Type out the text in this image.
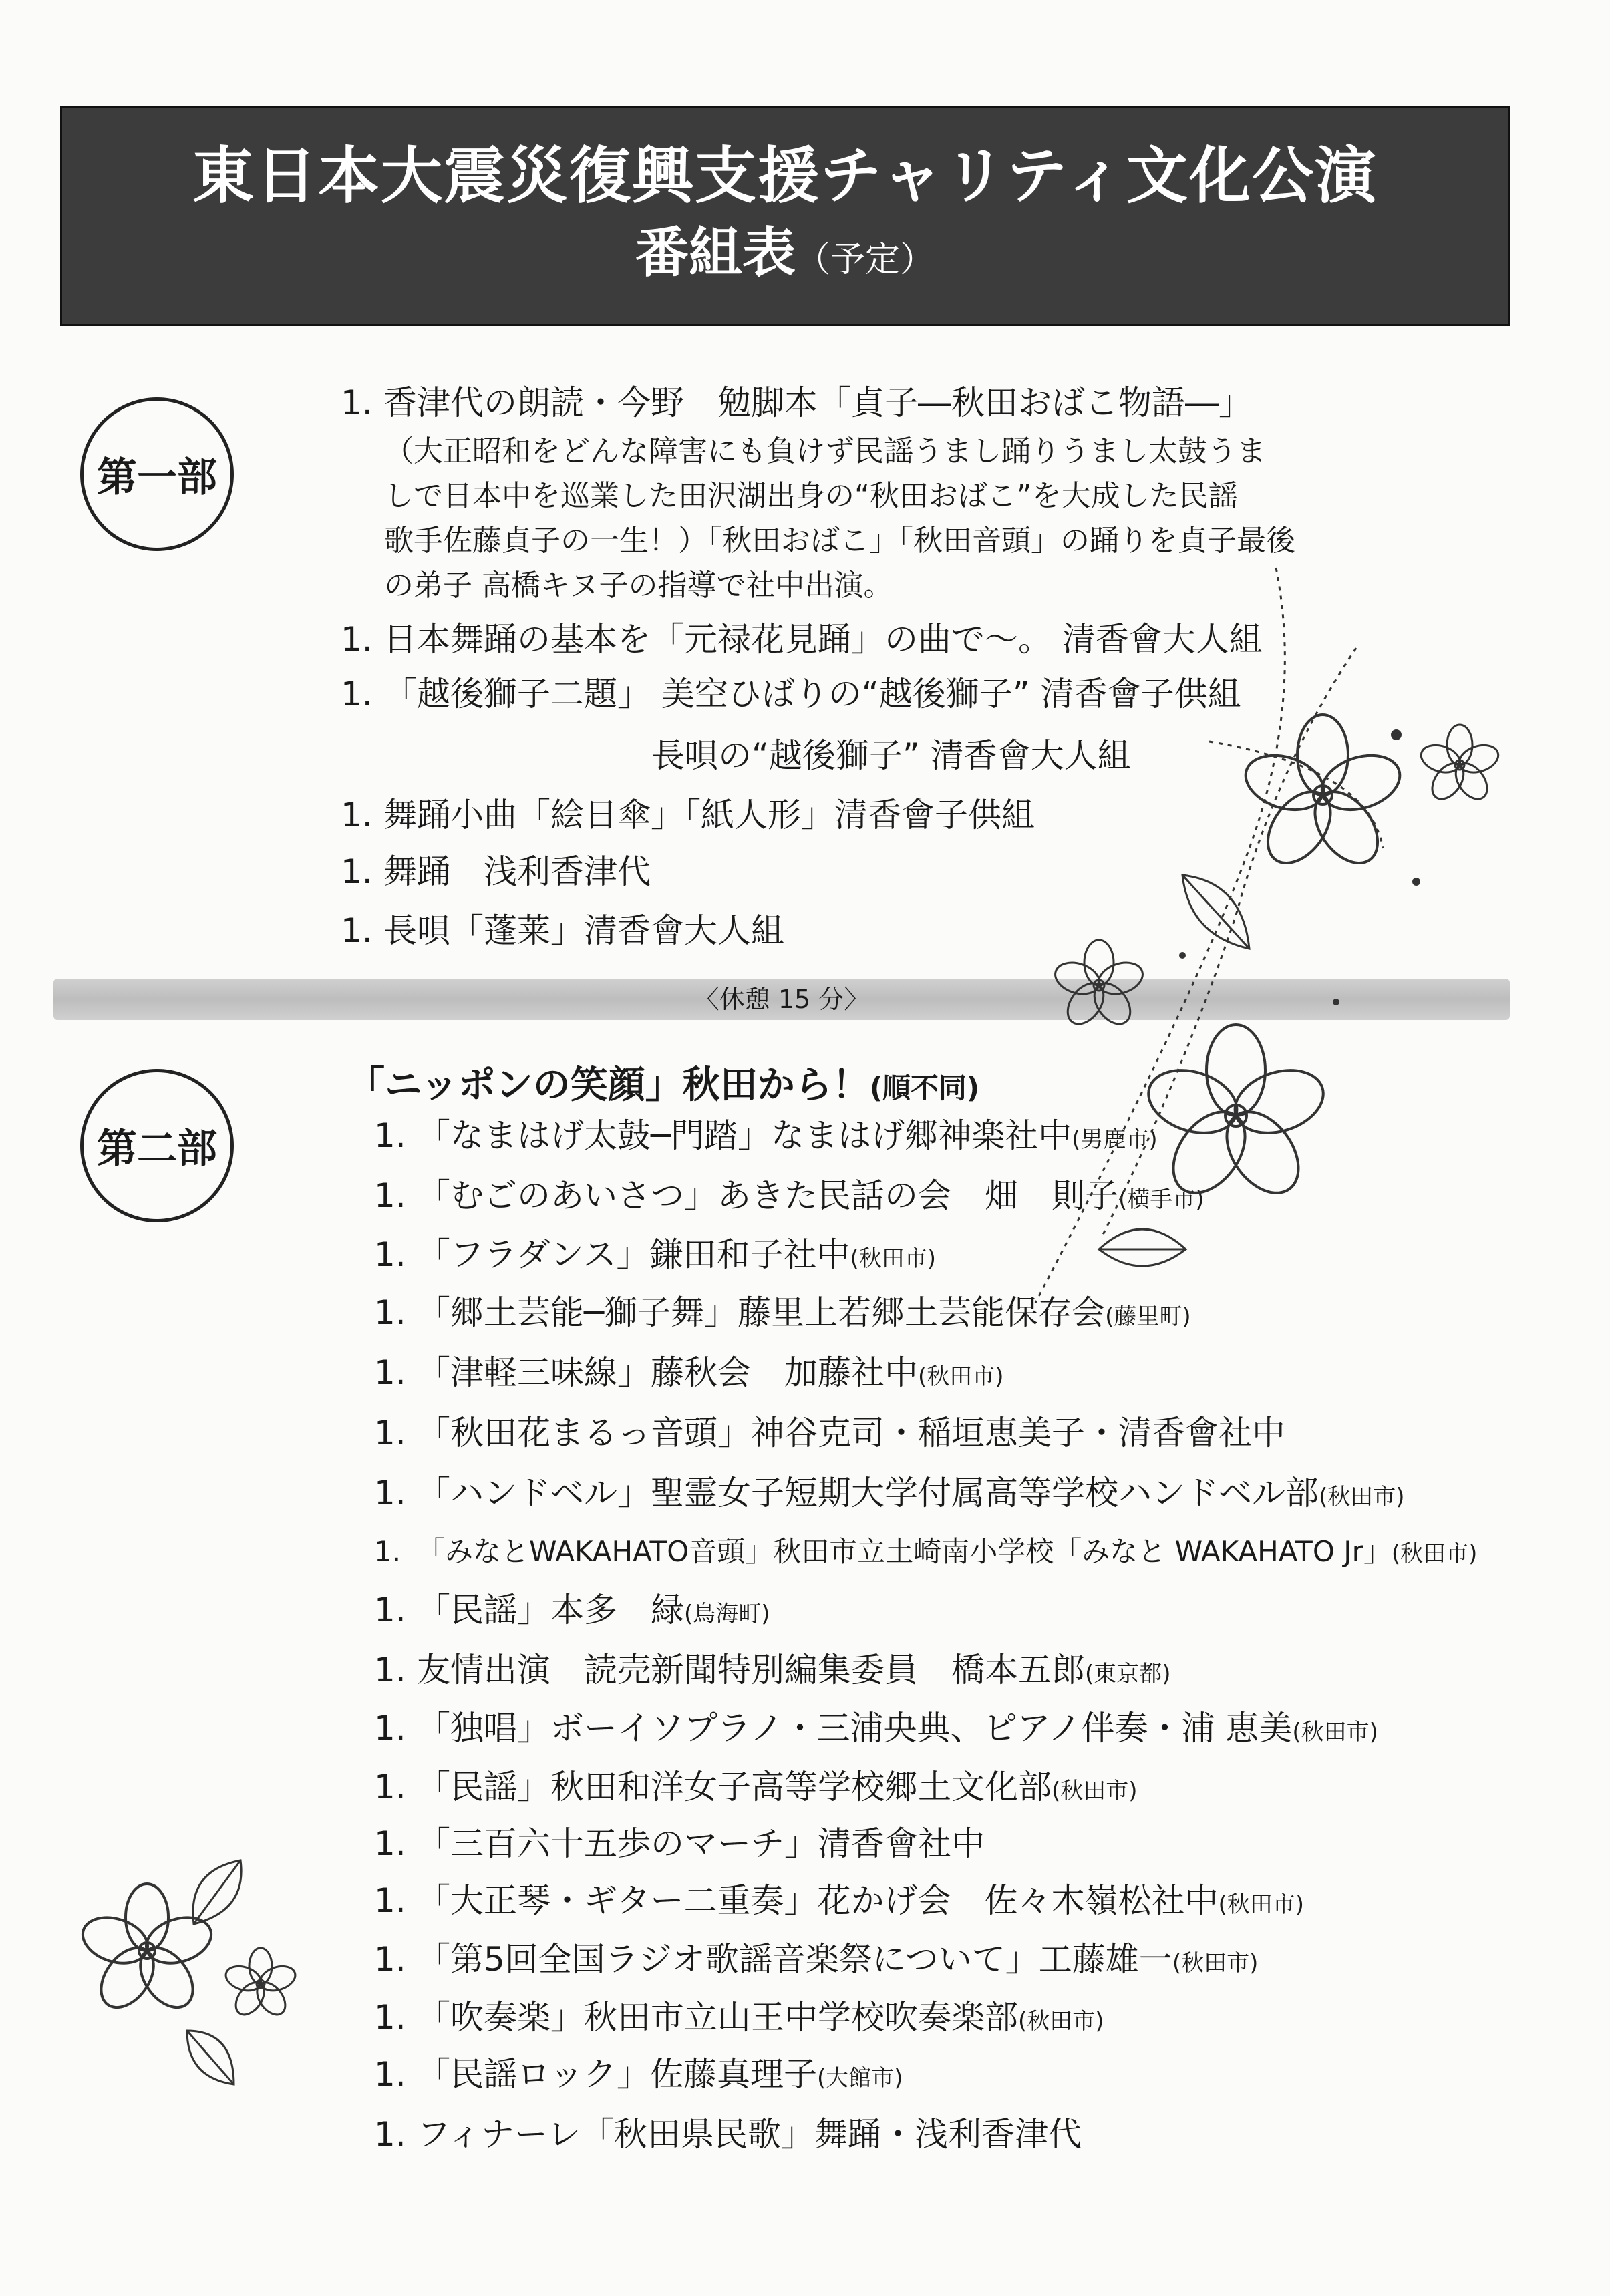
東日本大震災復興支援チャリティ文化公演
番組表（予定）
第一部
1. 香津代の朗読・今野　勉脚本「貞子―秋田おばこ物語―」
（大正昭和をどんな障害にも負けず民謡うまし踊りうまし太鼓うま
しで日本中を巡業した田沢湖出身の“秋田おばこ”を大成した民謡
歌手佐藤貞子の一生！）「秋田おばこ」「秋田音頭」の踊りを貞子最後
の弟子 高橋キヌ子の指導で社中出演。
1. 日本舞踊の基本を「元禄花見踊」の曲で～。 清香會大人組
1. 「越後獅子二題」 美空ひばりの“越後獅子” 清香會子供組
長唄の“越後獅子” 清香會大人組
1. 舞踊小曲「絵日傘」「紙人形」清香會子供組
1. 舞踊　浅利香津代
1. 長唄「蓬莱」清香會大人組
〈休憩 15 分〉
第二部
「ニッポンの笑顔」秋田から！(順不同)
1. 「なまはげ太鼓─門踏」なまはげ郷神楽社中(男鹿市)
1. 「むごのあいさつ」あきた民話の会　畑　則子(横手市)
1. 「フラダンス」鎌田和子社中(秋田市)
1. 「郷土芸能─獅子舞」藤里上若郷土芸能保存会(藤里町)
1. 「津軽三味線」藤秋会　加藤社中(秋田市)
1. 「秋田花まるっ音頭」神谷克司・稲垣恵美子・清香會社中
1. 「ハンドベル」聖霊女子短期大学付属高等学校ハンドベル部(秋田市)
1. 「みなとWAKAHATO音頭」秋田市立土崎南小学校「みなと WAKAHATO Jr」(秋田市)
1. 「民謡」本多　緑(鳥海町)
1. 友情出演　読売新聞特別編集委員　橋本五郎(東京都)
1. 「独唱」ボーイソプラノ・三浦央典、ピアノ伴奏・浦 恵美(秋田市)
1. 「民謡」秋田和洋女子高等学校郷土文化部(秋田市)
1. 「三百六十五歩のマーチ」清香會社中
1. 「大正琴・ギター二重奏」花かげ会　佐々木嶺松社中(秋田市)
1. 「第5回全国ラジオ歌謡音楽祭について」工藤雄一(秋田市)
1. 「吹奏楽」秋田市立山王中学校吹奏楽部(秋田市)
1. 「民謡ロック」佐藤真理子(大館市)
1. フィナーレ「秋田県民歌」舞踊・浅利香津代
